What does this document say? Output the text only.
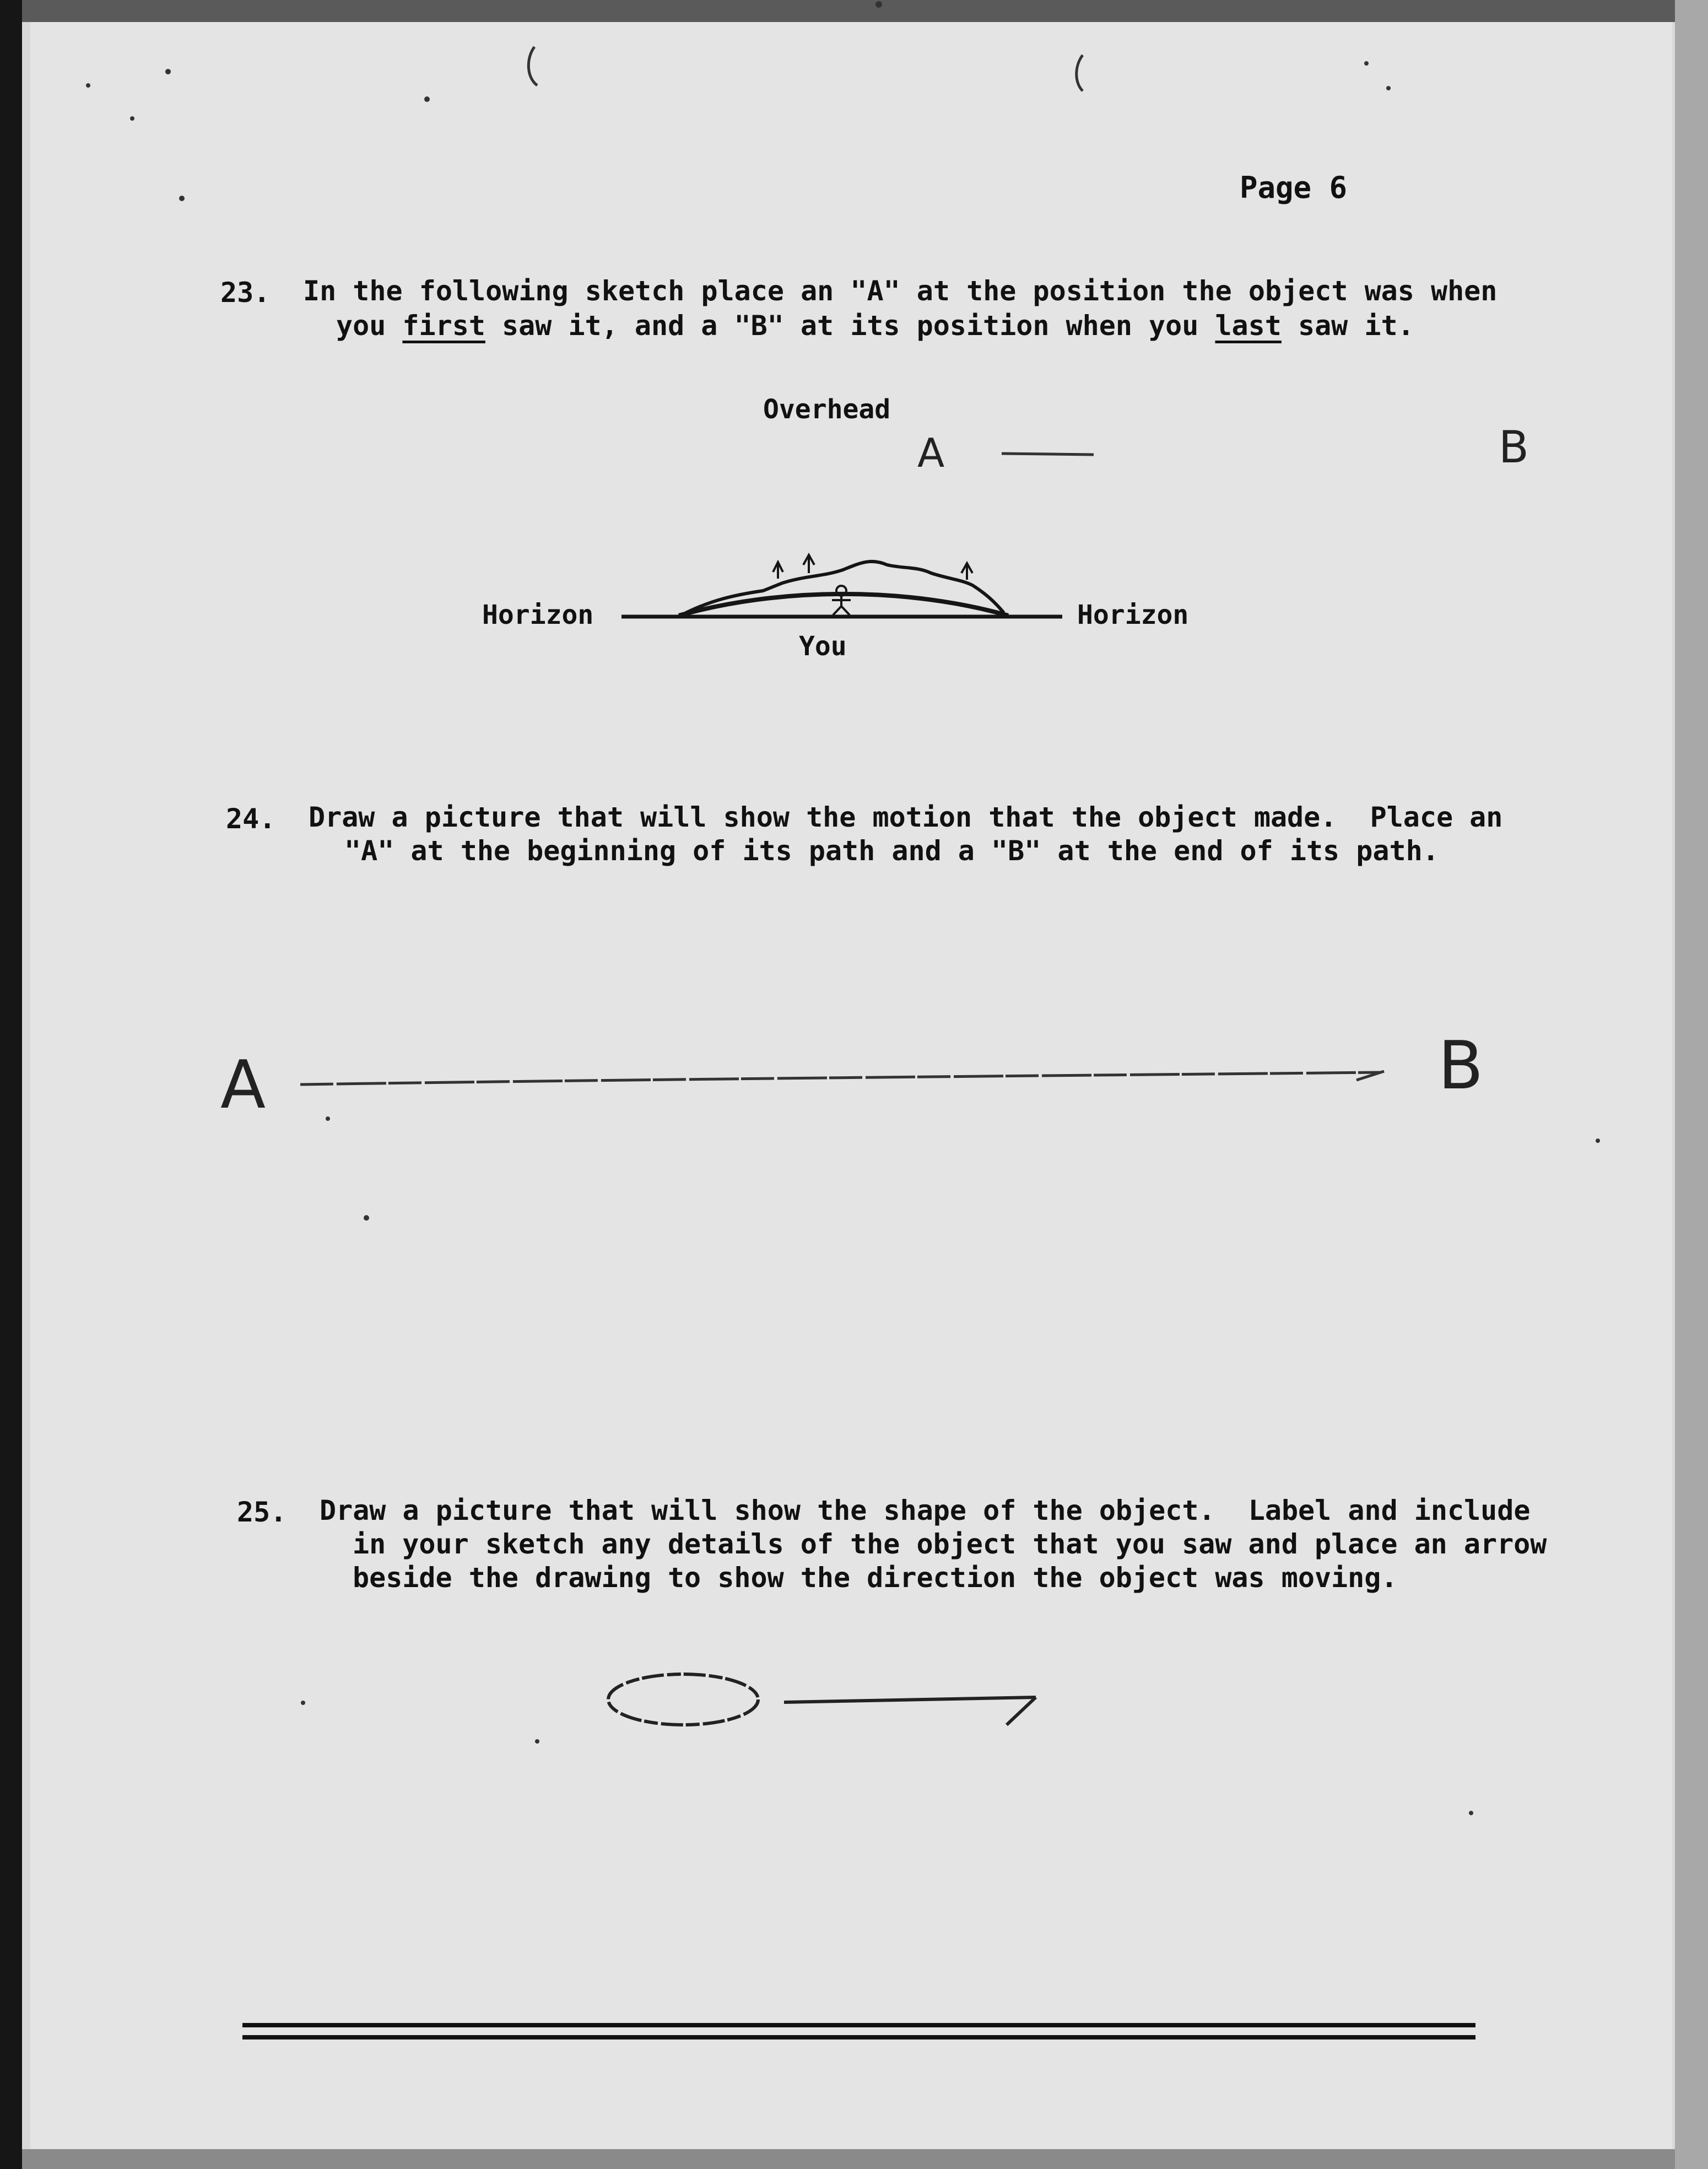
Page 6
23. In the following sketch place an "A" at the position the object was when
you first saw it, and a "B" at its position when you last saw it.
Overhead
Horizon	Horizon
You
A	B
24. Draw a picture that will show the motion that the object made.  Place an
"A" at the beginning of its path and a "B" at the end of its path.
A	B
25. Draw a picture that will show the shape of the object.  Label and include
in your sketch any details of the object that you saw and place an arrow
beside the drawing to show the direction the object was moving.
